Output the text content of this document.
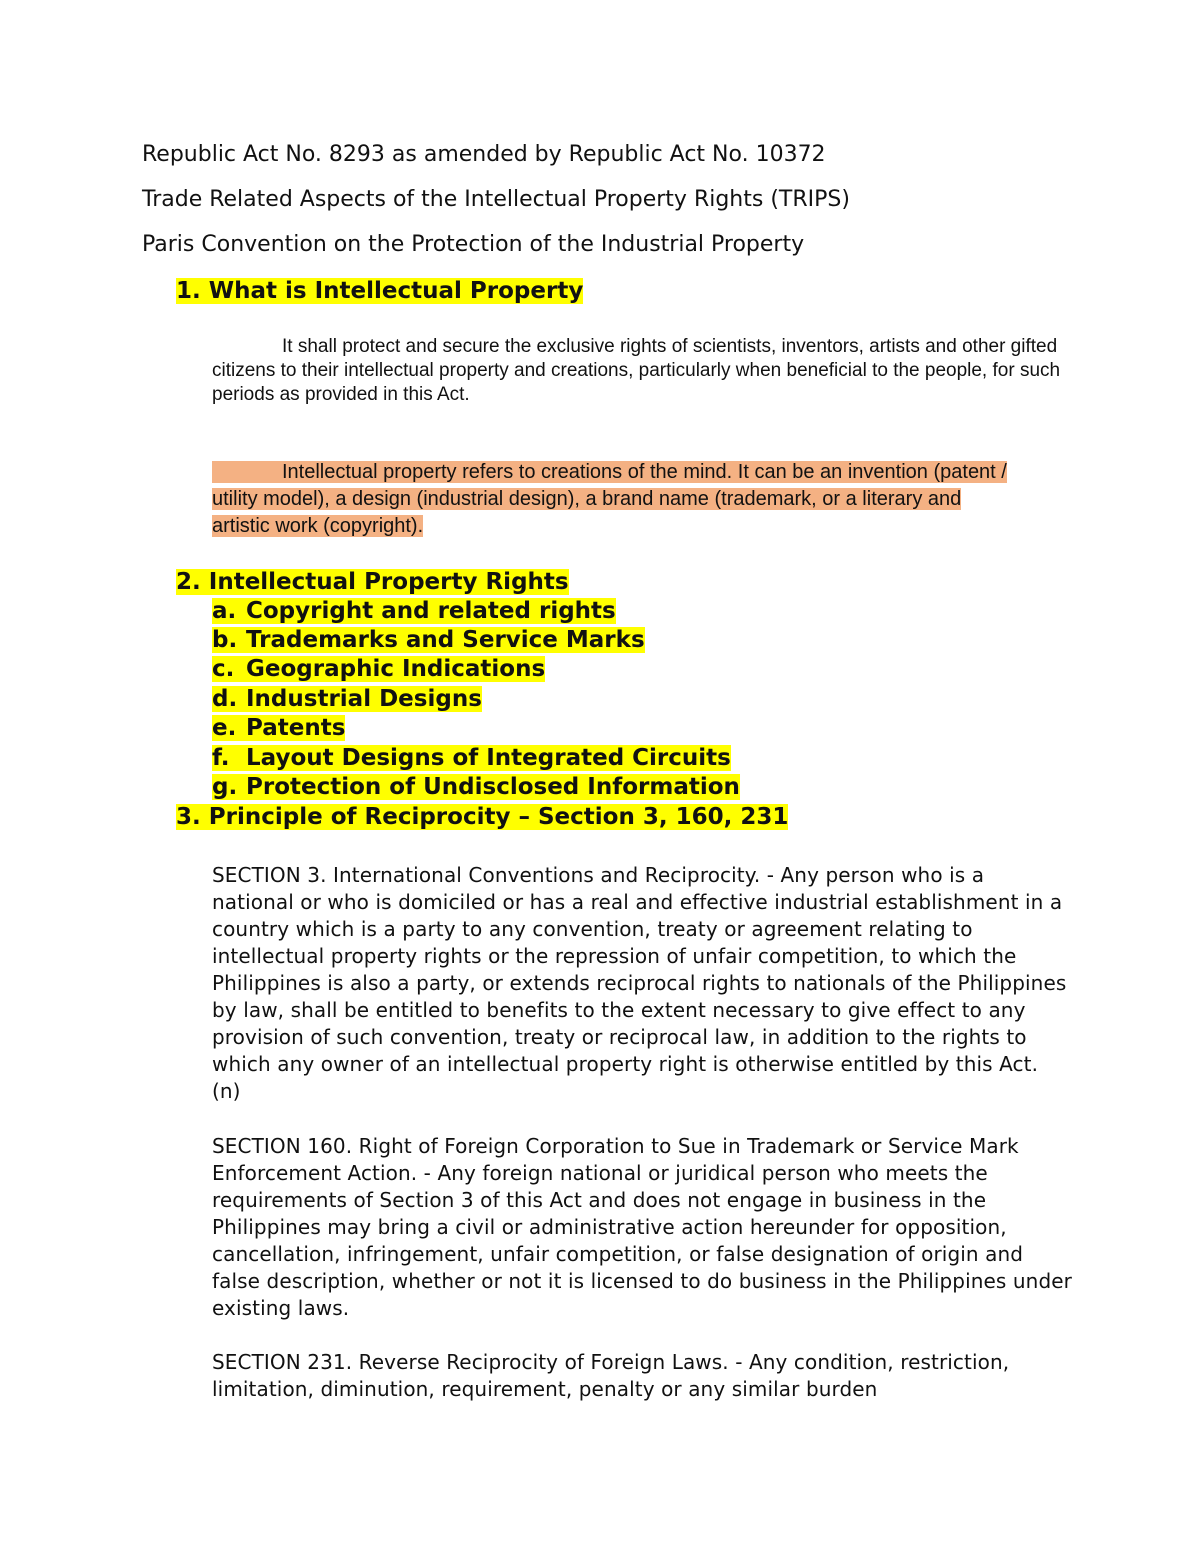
Republic Act No. 8293 as amended by Republic Act No. 10372
Trade Related Aspects of the Intellectual Property Rights (TRIPS)
Paris Convention on the Protection of the Industrial Property
1. What is Intellectual Property
It shall protect and secure the exclusive rights of scientists, inventors, artists and other gifted citizens to their intellectual property and creations, particularly when beneficial to the people, for such periods as provided in this Act.
Intellectual property refers to creations of the mind. It can be an invention (patent / utility model), a design (industrial design), a brand name (trademark, or a literary and artistic work (copyright).
2. Intellectual Property Rights
a. Copyright and related rights
b. Trademarks and Service Marks
c. Geographic Indications
d. Industrial Designs
e. Patents
f. Layout Designs of Integrated Circuits
g. Protection of Undisclosed Information
3. Principle of Reciprocity – Section 3, 160, 231
SECTION 3. International Conventions and Reciprocity. - Any person who is a national or who is domiciled or has a real and effective industrial establishment in a country which is a party to any convention, treaty or agreement relating to intellectual property rights or the repression of unfair competition, to which the Philippines is also a party, or extends reciprocal rights to nationals of the Philippines by law, shall be entitled to benefits to the extent necessary to give effect to any provision of such convention, treaty or reciprocal law, in addition to the rights to which any owner of an intellectual property right is otherwise entitled by this Act. (n)
SECTION 160. Right of Foreign Corporation to Sue in Trademark or Service Mark Enforcement Action. - Any foreign national or juridical person who meets the requirements of Section 3 of this Act and does not engage in business in the Philippines may bring a civil or administrative action hereunder for opposition, cancellation, infringement, unfair competition, or false designation of origin and false description, whether or not it is licensed to do business in the Philippines under existing laws.
SECTION 231. Reverse Reciprocity of Foreign Laws. - Any condition, restriction, limitation, diminution, requirement, penalty or any similar burden
